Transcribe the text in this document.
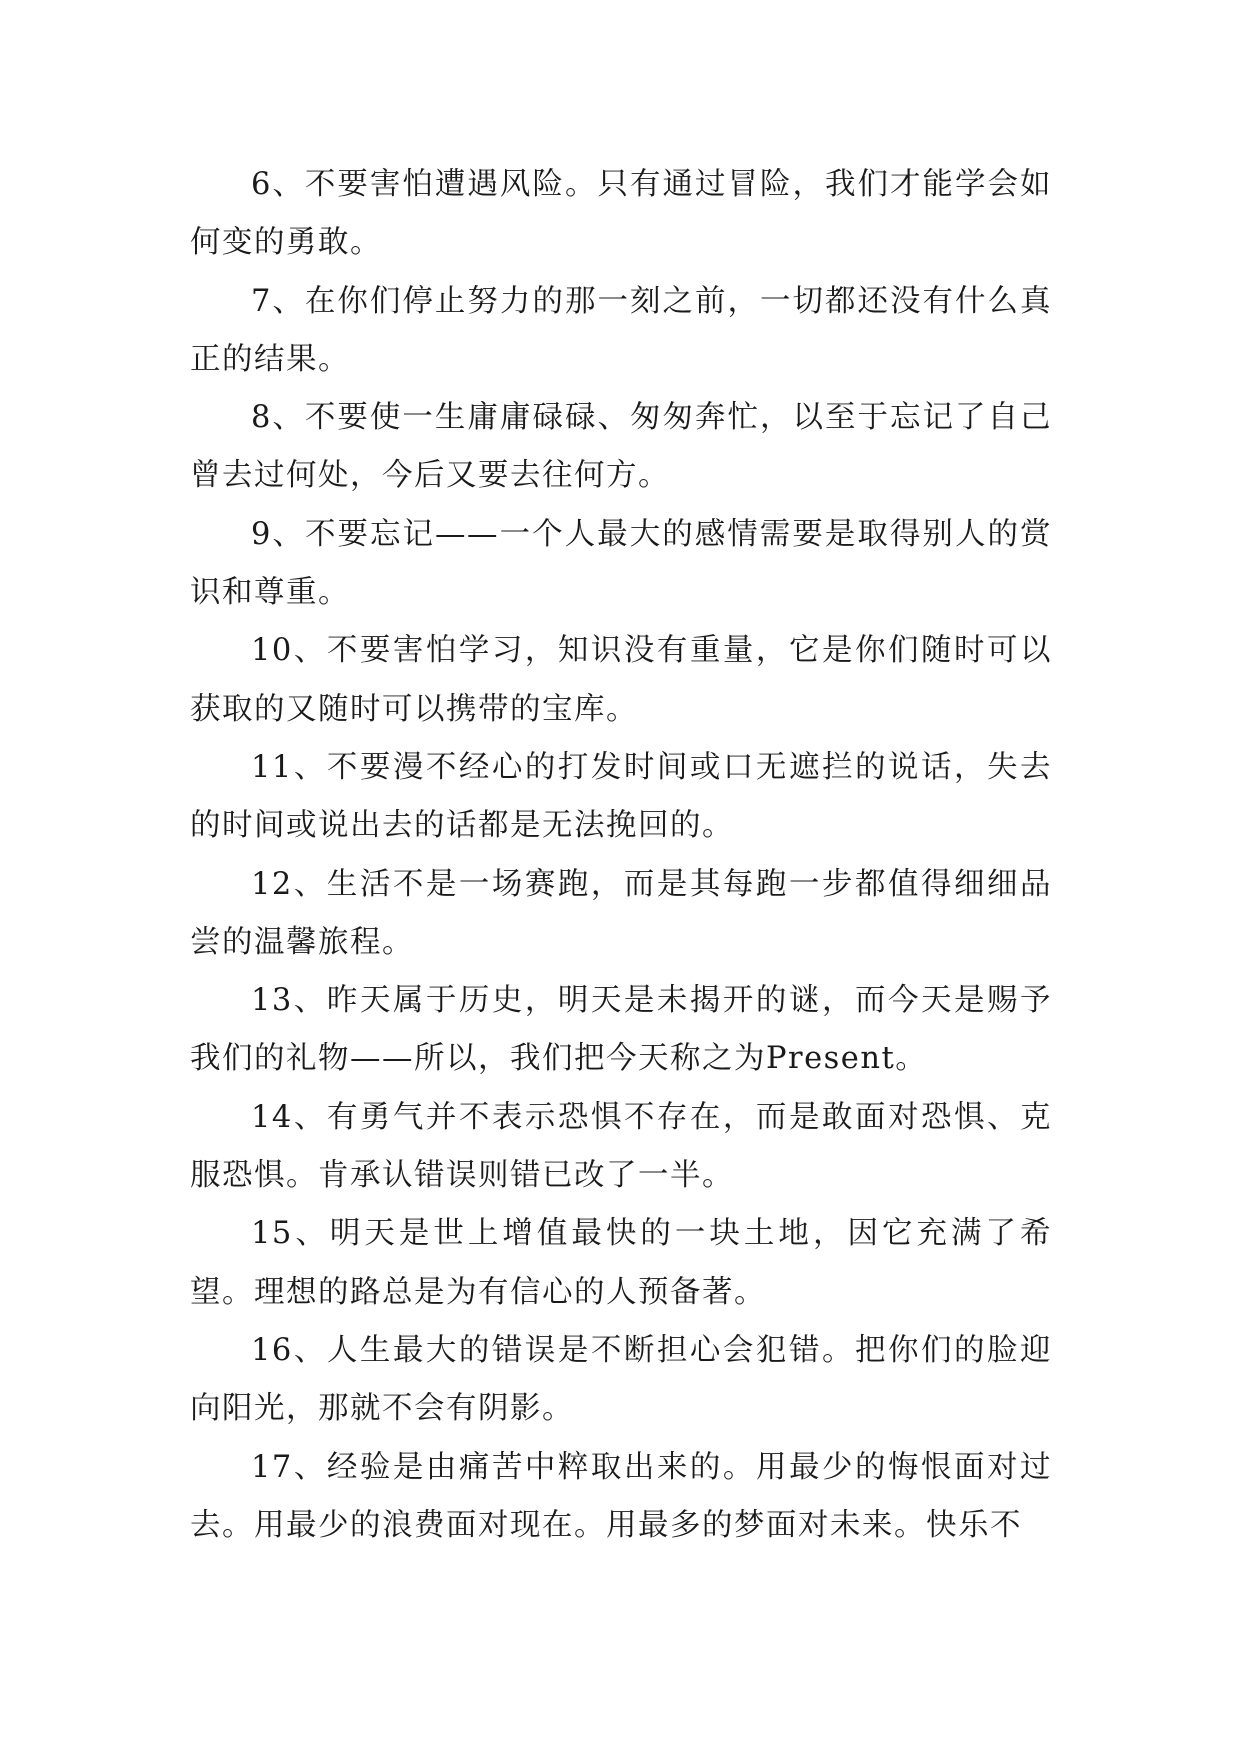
6、不要害怕遭遇风险。只有通过冒险，我们才能学会如何变的勇敢。

7、在你们停止努力的那一刻之前，一切都还没有什么真正的结果。

8、不要使一生庸庸碌碌、匆匆奔忙，以至于忘记了自己曾去过何处，今后又要去往何方。

9、不要忘记——一个人最大的感情需要是取得别人的赏识和尊重。

10、不要害怕学习，知识没有重量，它是你们随时可以获取的又随时可以携带的宝库。

11、不要漫不经心的打发时间或口无遮拦的说话，失去的时间或说出去的话都是无法挽回的。

12、生活不是一场赛跑，而是其每跑一步都值得细细品尝的温馨旅程。

13、昨天属于历史，明天是未揭开的谜，而今天是赐予我们的礼物——所以，我们把今天称之为Present。

14、有勇气并不表示恐惧不存在，而是敢面对恐惧、克服恐惧。肯承认错误则错已改了一半。

15、明天是世上增值最快的一块土地，因它充满了希望。理想的路总是为有信心的人预备著。

16、人生最大的错误是不断担心会犯错。把你们的脸迎向阳光，那就不会有阴影。

17、经验是由痛苦中粹取出来的。用最少的悔恨面对过去。用最少的浪费面对现在。用最多的梦面对未来。快乐不
